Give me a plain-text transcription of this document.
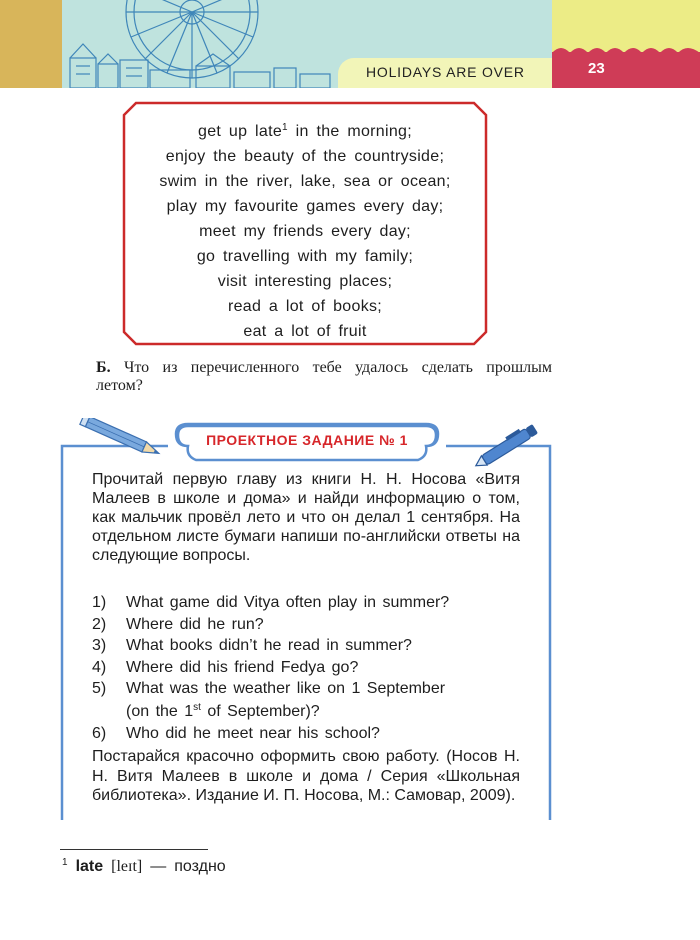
HOLIDAYS ARE OVER	23
get up late$^1$ in the morning;
enjoy the beauty of the countryside;
swim in the river, lake, sea or ocean;
play my favourite games every day;
meet my friends every day;
go travelling with my family;
visit interesting places;
read a lot of books;
eat a lot of fruit
Б. Что из перечисленного тебе удалось сделать прошлым летом?
ПРОЕКТНОЕ ЗАДАНИЕ № 1
Прочитай первую главу из книги Н. Н. Носова «Витя Малеев в школе и дома» и найди информацию о том, как мальчик провёл лето и что он делал 1 сентября. На отдельном листе бумаги напиши по-английски ответы на следующие вопросы.
1) What game did Vitya often play in summer?
2) Where did he run?
3) What books didn’t he read in summer?
4) Where did his friend Fedya go?
5) What was the weather like on 1 September
(on the 1st of September)?
6) Who did he meet near his school?
Постарайся красочно оформить свою работу. (Носов Н. Н. Витя Малеев в школе и дома / Серия «Школьная библиотека». Издание И. П. Носова, М.: Самовар, 2009).
$^1$ late [leɪt] — поздно
